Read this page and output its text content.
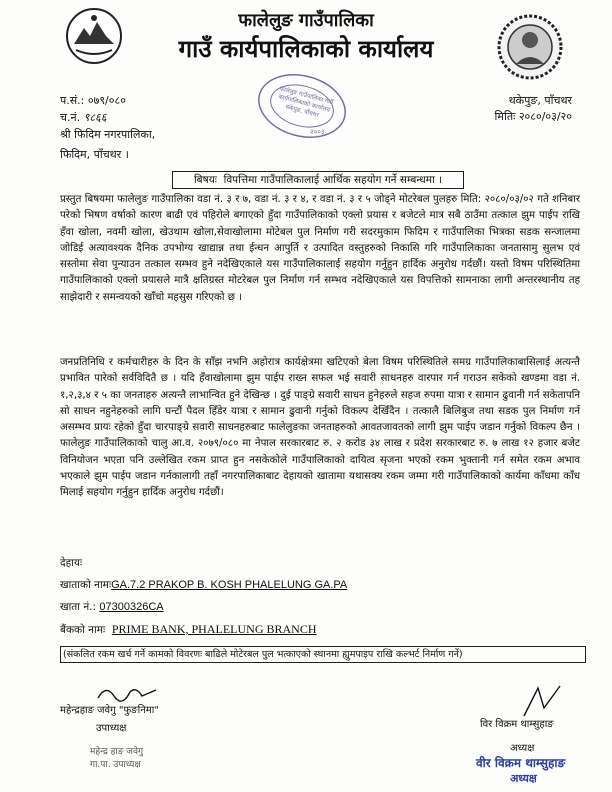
फालेलुङ गाउँपालिका
गाउँ कार्यपालिकाको कार्यालय
थकेपुङ, पाँचथर
मितिः २०८०/०३/२०
प.सं.: ०७९/०८०
च.नं. ९८६६
फालेलुङ गाउँपालिका गाउँ कार्यपालिकाको कार्यालय थकेपुङ, पाँचथर
२००३
श्री फिदिम नगरपालिका,
फिदिम, पाँचथर ।
बिषयः विपत्तिमा गाउँपालिकालाई आर्थिक सहयोग गर्ने सम्बन्धमा ।
प्रस्तुत बिषयमा फालेलुङ गाउँपालिका वडा नं. ३ र ७, वडा नं. ३ र ४, र वडा नं. ३ र ५ जोड्ने मोटरेबल पुलहरु मिति: २०८०/०३/०२ गते शनिबार परेको भिषण वर्षाको कारण बाढी एवं पहिरोले बगाएको हुँदा गाउँपालिकाको एक्लो प्रयास र बजेटले मात्र सबै ठाउँमा तत्काल झुम पाईप राखि हँवा खोला, नवमी खोला, खेउथाम खोला,सेवाखोलामा मोटेबल पुल निर्माण गरी सदरमुकाम फिदिम र गाउँपालिका भित्रका सडक सन्जालमा जोडिई अत्यावश्यक दैनिक उपभोग्य खाद्यान्न तथा ईन्धन आपुर्ति र उत्पादित वस्तुहरुको निकासि गरि गाउँपालिकाका जनतासामु सुलभ एवं सस्तोमा सेवा पुन्याउन तत्काल सम्भव हुने नदेखिएकाले यस गाउँपालिकालाई सहयोग गर्नुहुन हार्दिक अनुरोध गर्दछौं। यस्तो विषम परिस्थितिमा गाउँपालिकाको एक्लो प्रयासले मात्रै क्षतिग्रस्त मोटरेबल पुल निर्माण गर्न सम्भव नदेखिएकाले यस विपत्तिको सामनाका लागी अन्तरस्थानीय तह साझेदारी र समन्वयको खाँचो महसुस गरिएको छ ।
जनप्रतिनिधि र कर्मचारीहरु के दिन के साँझ नभनि अहोरात्र कार्यक्षेत्रमा खटिएको बेला विषम परिस्थितिले समग्र गाउँपालिकाबासिलाई अत्यन्तै प्रभावित पारेको सर्वविदितै छ । यदि हँवाखोलामा झुम पाईप राख्न सफल भई सवारी साधनहरु वारपार गर्न गराउन सकेको खण्डमा वडा नं. १,२,३,४ र ५ का जनताहरु अत्यन्तै लाभान्वित हुने देखिन्छ । दुई पाङ्ग्रे सवारी साधन हुनेहरुले सहज रुपमा यात्रा र सामान ढुवानी गर्न सकेतापनि सो साधन नहुनेहरुको लागि घन्टौं पैदल हिँडेर यात्रा र सामान ढुवानी गर्नुको विकल्प देखिँदैन । तत्कालै बिलिबुज तथा सडक पुल निर्माण गर्न असम्भव प्रायः रहेको हुँदा चारपाङ्ग्रे सवारी साधनहरुबाट फालेलुङका जनताहरुको आवतजावतको लागी झुम पाईप जडान गर्नुको विकल्प छैन । फालेलुङ गाउँपालिकाको चालु आ.व. २०७९/०८० मा नेपाल सरकारबाट रु. २ करोड ३४ लाख र प्रदेश सरकारबाट रु. ७ लाख १२ हजार बजेट विनियोजन भएता पनि उल्लेखित रकम प्राप्त हुन नसकेकोले गाउँपालिकाको दायित्व सृजना भएको रकम भुक्तानी गर्न समेत रकम अभाव भएकाले झुम पाईप जडान गर्नकालागी तहाँ नगरपालिकाबाट देहायको खातामा यथासक्य रकम जम्मा गरी गाउँपालिकाको कार्यमा काँधमा काँध मिलाई सहयोग गर्नुहुन हार्दिक अनुरोध गर्दछौं।
देहायः
खाताको नामःGA.7.2 PRAKOP B. KOSH PHALELUNG GA.PA
खाता नं.: 07300326CA
बैंकको नामः PRIME BANK, PHALELUNG BRANCH
(संकलित रकम खर्च गर्ने कामको विवरणः बाढिले मोटेरबल पुल भत्काएको स्थानमा ह्युमपाइप राखि कल्भर्ट निर्माण गर्ने)
महेन्द्रहाङ जवेगु "फुङनिमा"
उपाध्यक्ष
महेन्द्र हाङ जवेगु
गा.पा. उपाध्यक्ष
विर विक्रम थाम्सुहाङ
अध्यक्ष
वीर विक्रम थाम्सुहाङ
अध्यक्ष
